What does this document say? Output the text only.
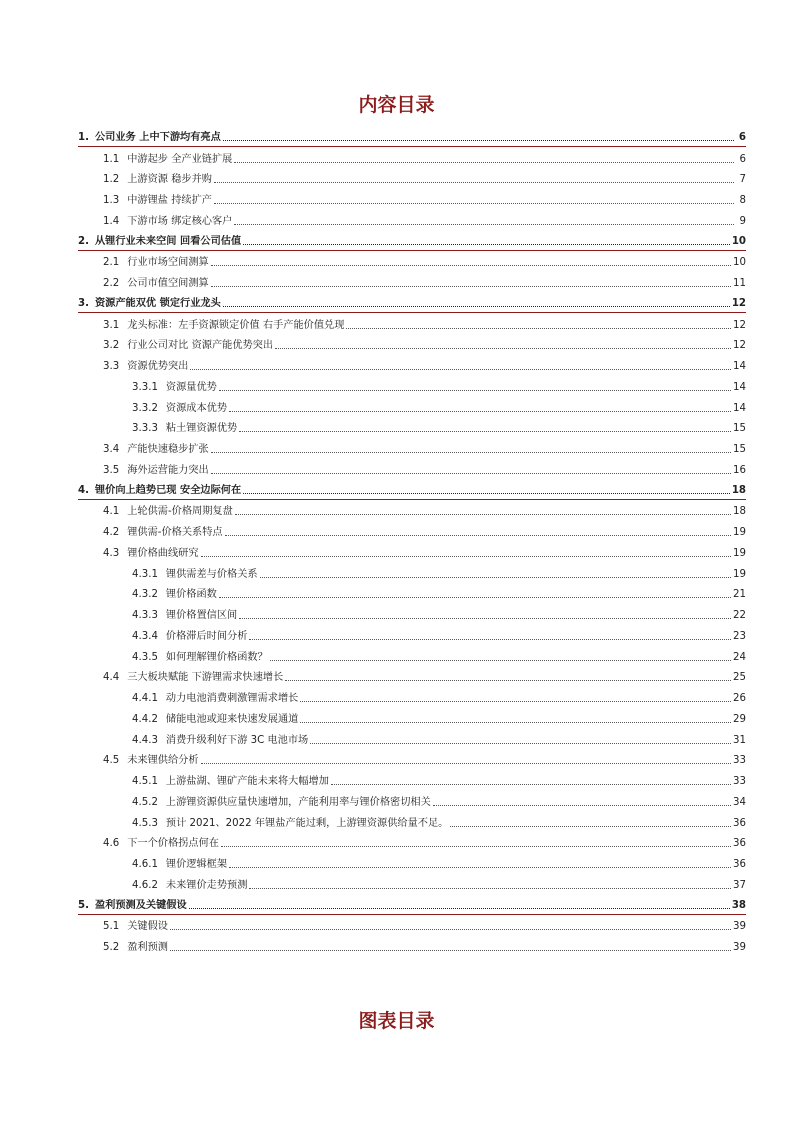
内容目录
1. 公司业务 上中下游均有亮点	6
1.1 中游起步 全产业链扩展	6
1.2 上游资源 稳步并购	7
1.3 中游锂盐 持续扩产	8
1.4 下游市场 绑定核心客户	9
2. 从锂行业未来空间 回看公司估值	10
2.1 行业市场空间测算	10
2.2 公司市值空间测算	11
3. 资源产能双优 锁定行业龙头	12
3.1 龙头标准：左手资源锁定价值 右手产能价值兑现	12
3.2 行业公司对比 资源产能优势突出	12
3.3 资源优势突出	14
3.3.1 资源量优势	14
3.3.2 资源成本优势	14
3.3.3 粘土锂资源优势	15
3.4 产能快速稳步扩张	15
3.5 海外运营能力突出	16
4. 锂价向上趋势已现 安全边际何在	18
4.1 上轮供需-价格周期复盘	18
4.2 锂供需-价格关系特点	19
4.3 锂价格曲线研究	19
4.3.1 锂供需差与价格关系	19
4.3.2 锂价格函数	21
4.3.3 锂价格置信区间	22
4.3.4 价格滞后时间分析	23
4.3.5 如何理解锂价格函数？	24
4.4 三大板块赋能 下游锂需求快速增长	25
4.4.1 动力电池消费刺激锂需求增长	26
4.4.2 储能电池或迎来快速发展通道	29
4.4.3 消费升级利好下游 3C 电池市场	31
4.5 未来锂供给分析	33
4.5.1 上游盐湖、锂矿产能未来将大幅增加	33
4.5.2 上游锂资源供应量快速增加，产能利用率与锂价格密切相关	34
4.5.3 预计 2021、2022 年锂盐产能过剩，上游锂资源供给量不足。	36
4.6 下一个价格拐点何在	36
4.6.1 锂价逻辑框架	36
4.6.2 未来锂价走势预测	37
5. 盈利预测及关键假设	38
5.1 关键假设	39
5.2 盈利预测	39
图表目录
